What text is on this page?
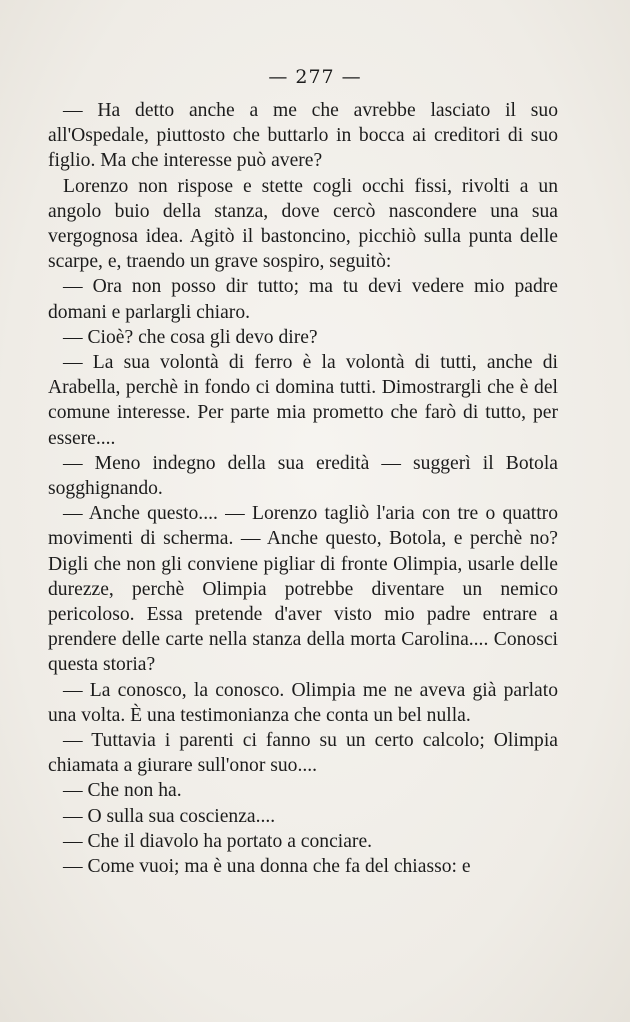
— 277 —

— Ha detto anche a me che avrebbe lasciato il suo all'Ospedale, piuttosto che buttarlo in bocca ai creditori di suo figlio. Ma che interesse può avere?

Lorenzo non rispose e stette cogli occhi fissi, rivolti a un angolo buio della stanza, dove cercò nascondere una sua vergognosa idea. Agitò il bastoncino, picchiò sulla punta delle scarpe, e, traendo un grave sospiro, seguitò:

— Ora non posso dir tutto; ma tu devi vedere mio padre domani e parlargli chiaro.

— Cioè? che cosa gli devo dire?

— La sua volontà di ferro è la volontà di tutti, anche di Arabella, perchè in fondo ci domina tutti. Dimostrargli che è del comune interesse. Per parte mia prometto che farò di tutto, per essere....

— Meno indegno della sua eredità — suggerì il Botola sogghignando.

— Anche questo.... — Lorenzo tagliò l'aria con tre o quattro movimenti di scherma. — Anche questo, Botola, e perchè no? Digli che non gli conviene pigliar di fronte Olimpia, usarle delle durezze, perchè Olimpia potrebbe diventare un nemico pericoloso. Essa pretende d'aver visto mio padre entrare a prendere delle carte nella stanza della morta Carolina.... Conosci questa storia?

— La conosco, la conosco. Olimpia me ne aveva già parlato una volta. È una testimonianza che conta un bel nulla.

— Tuttavia i parenti ci fanno su un certo calcolo; Olimpia chiamata a giurare sull'onor suo....

— Che non ha.

— O sulla sua coscienza....

— Che il diavolo ha portato a conciare.

— Come vuoi; ma è una donna che fa del chiasso: e
